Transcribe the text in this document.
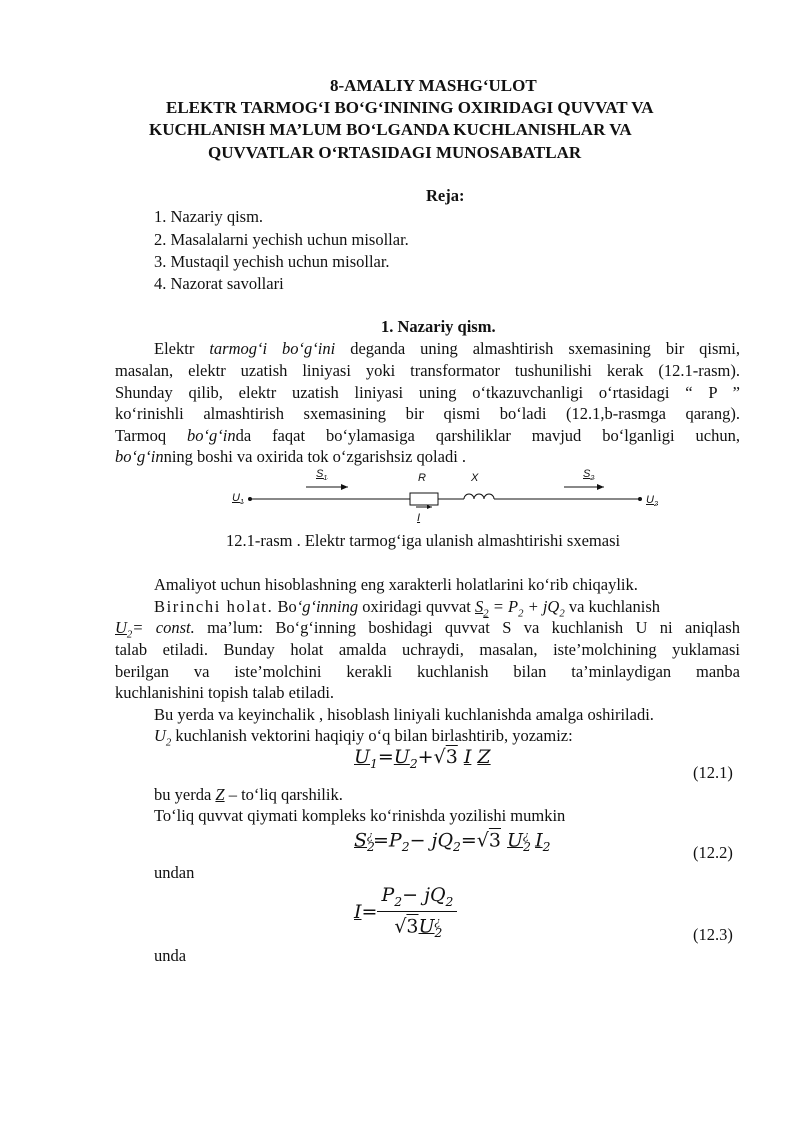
8-AMALIY MASHG‘ULOT
ELEKTR TARMOG‘I BO‘G‘ININING OXIRIDAGI QUVVAT VA
KUCHLANISH MA’LUM BO‘LGANDA KUCHLANISHLAR VA
QUVVATLAR O‘RTASIDAGI MUNOSABATLAR
Reja:
1. Nazariy qism.
2. Masalalarni yechish uchun misollar.
3. Mustaqil yechish uchun misollar.
4. Nazorat savollari
1. Nazariy qism.
Elektr tarmog‘i bo‘g‘ini deganda uning almashtirish sxemasining bir qismi,
masalan, elektr uzatish liniyasi yoki transformator tushunilishi kerak (12.1-rasm).
Shunday qilib, elektr uzatish liniyasi uning o‘tkazuvchanligi o‘rtasidagi “ P ”
ko‘rinishli almashtirish sxemasining bir qismi bo‘ladi (12.1,b-rasmga qarang).
Tarmoq bo‘g‘inda faqat bo‘ylamasiga qarshiliklar mavjud bo‘lganligi uchun,
bo‘g‘inning boshi va oxirida tok o‘zgarishsiz qoladi .
$U_1$
$S_1$	R	X	$S_2$
I
$U_2$
12.1-rasm . Elektr tarmog‘iga ulanish almashtirishi sxemasi
Amaliyot uchun hisoblashning eng xarakterli holatlarini ko‘rib chiqaylik.
Birinchi holat. Bo‘g‘inning oxiridagi quvvat $S_2 = P_2 + jQ_2$ va kuchlanish
$U_2=$ const. ma’lum: Bo‘g‘inning boshidagi quvvat S va kuchlanish U ni aniqlash
talab etiladi. Bunday holat amalda uchraydi, masalan, iste’molchining yuklamasi
berilgan va iste’molchini kerakli kuchlanish bilan ta’minlaydigan manba
kuchlanishini topish talab etiladi.
Bu yerda va keyinchalik , hisoblash liniyali kuchlanishda amalga oshiriladi.
$U_2$ kuchlanish vektorini haqiqiy o‘q bilan birlashtirib, yozamiz:
$U_1=U_2+√3$ I Z
(12.1)
bu yerda Z – to‘liq qarshilik.
To‘liq quvvat qiymati kompleks ko‘rinishda yozilishi mumkin
$S_2^¿=P_2- jQ_2=√3$ $U_2^¿$ $I_2$	(12.2)
undan
$I= \frac{P_2- jQ_2}{√3U_2^¿}$	(12.3)
unda
